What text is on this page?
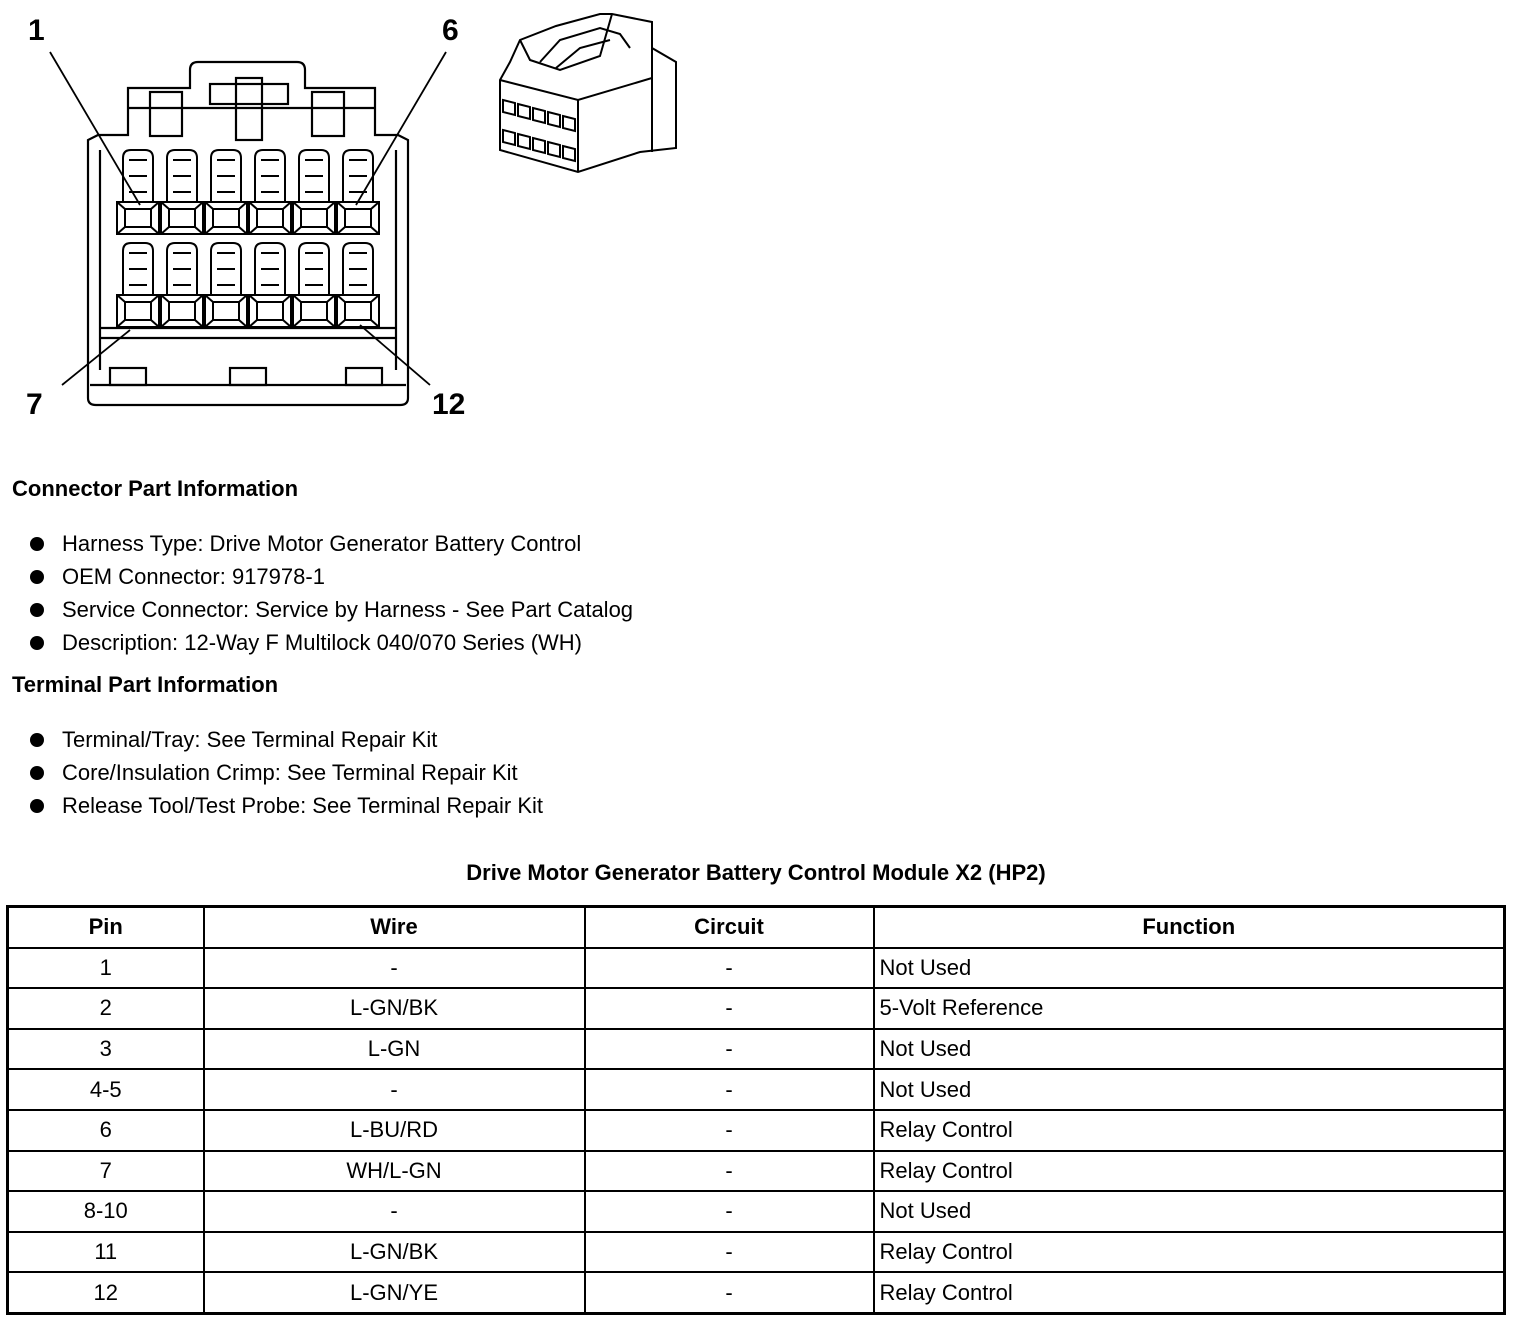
1	6
7	12
Connector Part Information
Harness Type: Drive Motor Generator Battery Control
OEM Connector: 917978-1
Service Connector: Service by Harness - See Part Catalog
Description: 12-Way F Multilock 040/070 Series (WH)
Terminal Part Information
Terminal/Tray: See Terminal Repair Kit
Core/Insulation Crimp: See Terminal Repair Kit
Release Tool/Test Probe: See Terminal Repair Kit
Drive Motor Generator Battery Control Module X2 (HP2)
Pin	Wire	Circuit	Function
1	-	-	Not Used
2	L-GN/BK	-	5-Volt Reference
3	L-GN	-	Not Used
4-5	-	-	Not Used
6	L-BU/RD	-	Relay Control
7	WH/L-GN	-	Relay Control
8-10	-	-	Not Used
11	L-GN/BK	-	Relay Control
12	L-GN/YE	-	Relay Control
